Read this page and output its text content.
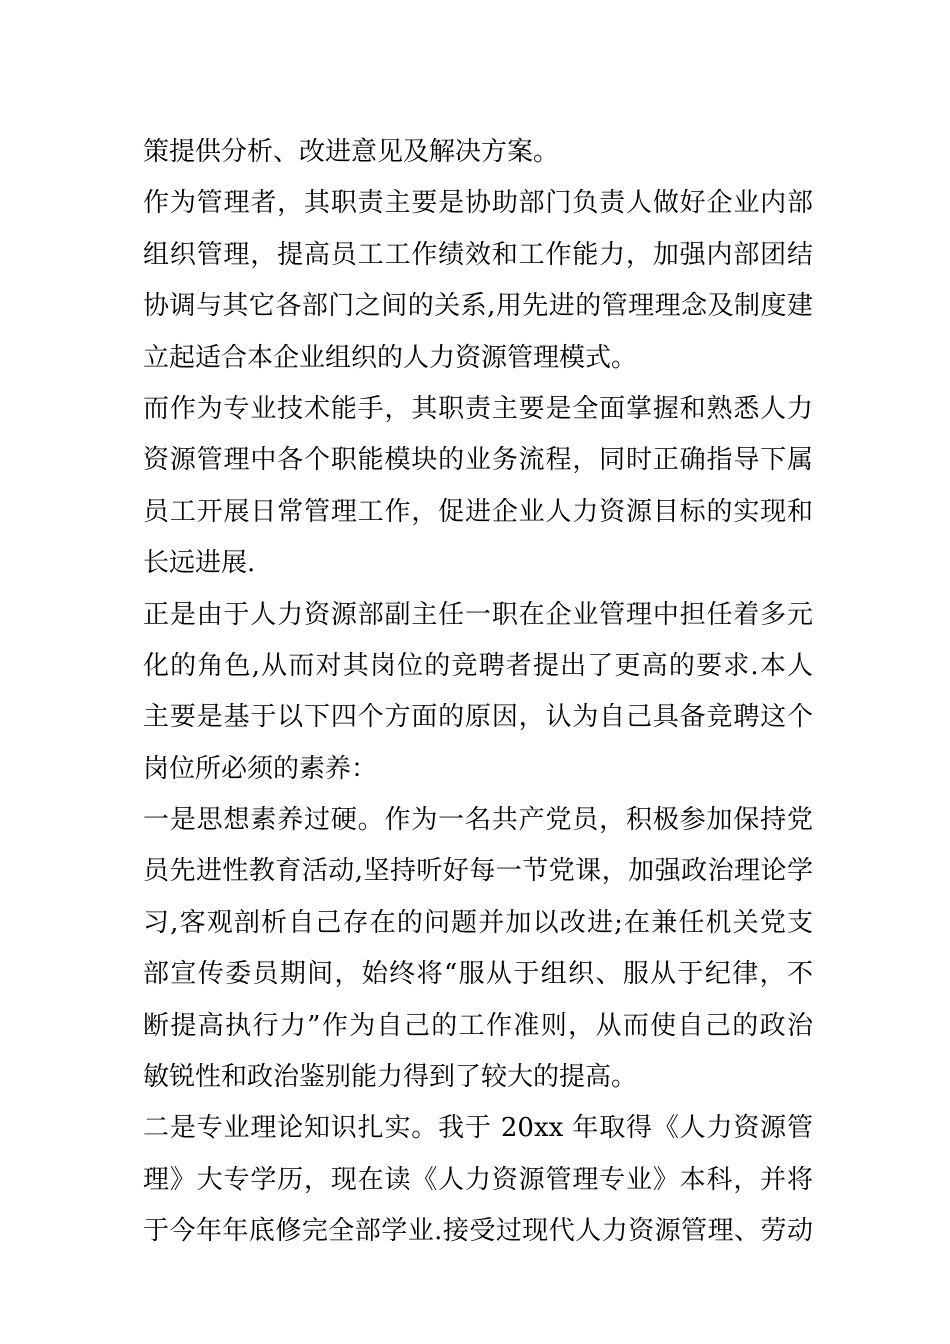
策提供分析、改进意见及解决方案。
作为管理者，其职责主要是协助部门负责人做好企业内部
组织管理，提高员工工作绩效和工作能力，加强内部团结
协调与其它各部门之间的关系,用先进的管理理念及制度建
立起适合本企业组织的人力资源管理模式。
而作为专业技术能手，其职责主要是全面掌握和熟悉人力
资源管理中各个职能模块的业务流程，同时正确指导下属
员工开展日常管理工作，促进企业人力资源目标的实现和
长远进展.
正是由于人力资源部副主任一职在企业管理中担任着多元
化的角色,从而对其岗位的竞聘者提出了更高的要求.本人
主要是基于以下四个方面的原因，认为自己具备竞聘这个
岗位所必须的素养：
一是思想素养过硬。作为一名共产党员，积极参加保持党
员先进性教育活动,坚持听好每一节党课，加强政治理论学
习,客观剖析自己存在的问题并加以改进;在兼任机关党支
部宣传委员期间，始终将“服从于组织、服从于纪律，不
断提高执行力”作为自己的工作准则，从而使自己的政治
敏锐性和政治鉴别能力得到了较大的提高。
二是专业理论知识扎实。我于 20xx 年取得《人力资源管
理》大专学历，现在读《人力资源管理专业》本科，并将
于今年年底修完全部学业.接受过现代人力资源管理、劳动
